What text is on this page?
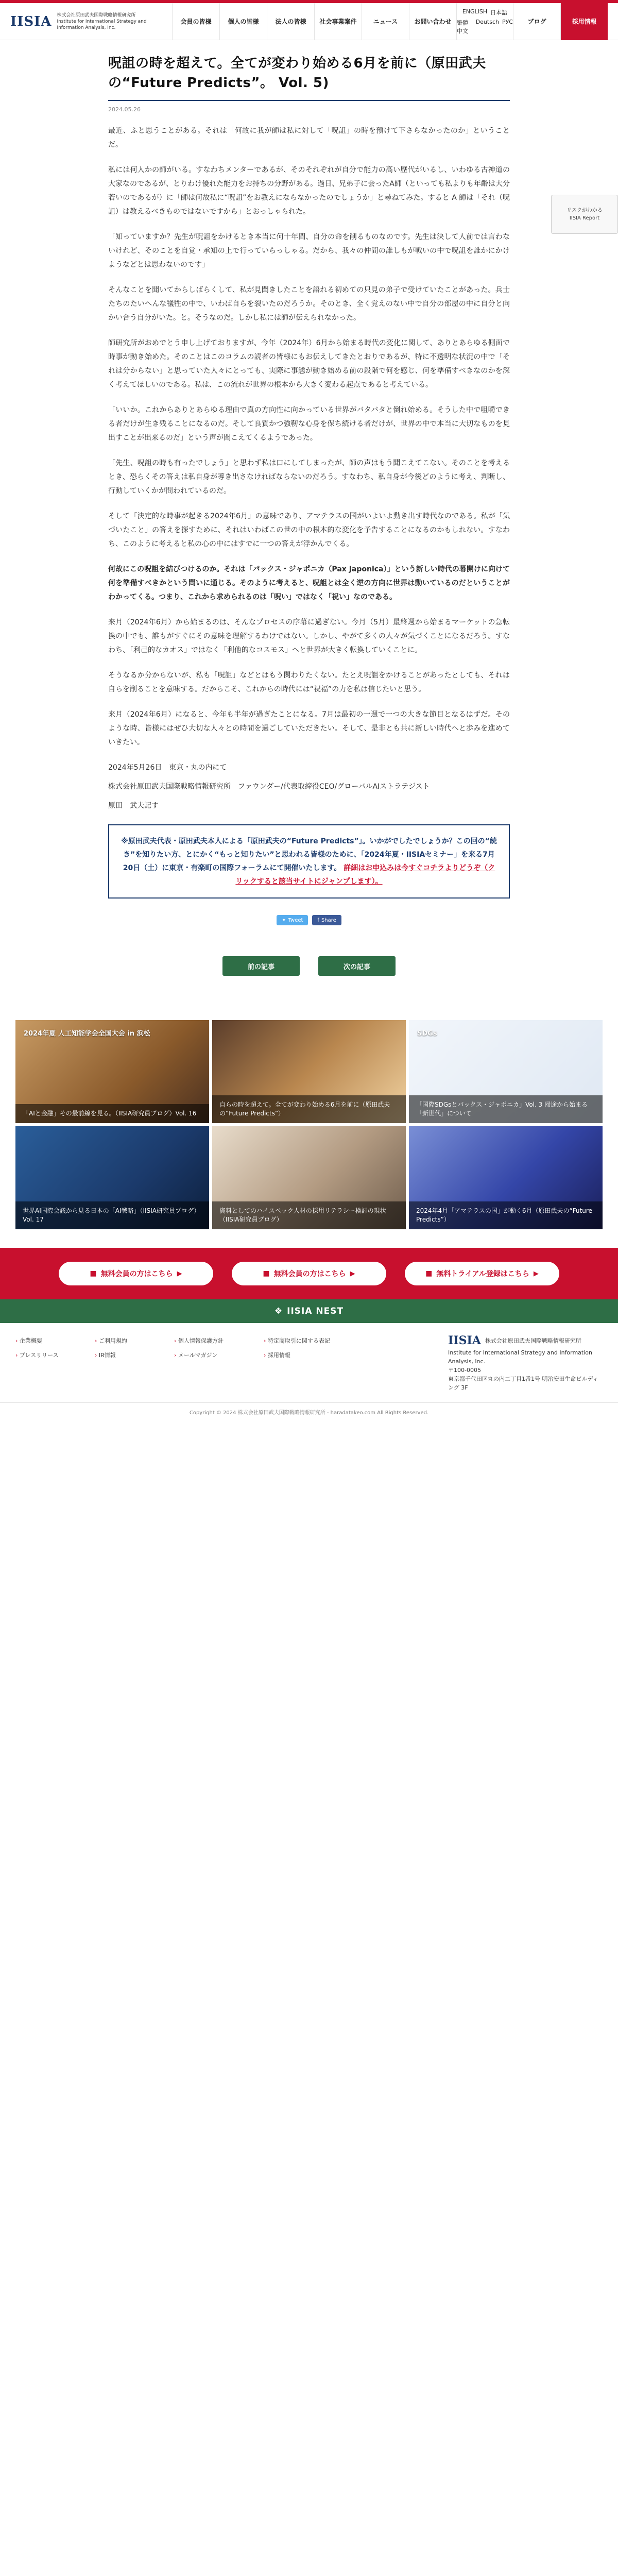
IISIA 株式会社原田武夫国際戦略情報研究所
Institute for International Strategy and Information Analysis, Inc.
会員の皆様	個人の皆様	法人の皆様	社会事業案件	ニュース	お問い合わせ
ENGLISH 日本語
繁體中文
Deutsch РУС	ブログ	採用情報
呪詛の時を超えて。全てが変わり始める6月を前に（原田武夫の“Future Predicts”。 Vol. 5)
2024.05.26
リスクがわかる
IISIA Report

最近、ふと思うことがある。それは「何故に我が師は私に対して「呪詛」の時を預けて下さらなかったのか」ということだ。

私には何人かの師がいる。すなわちメンターであるが、そのそれぞれが自分で能力の高い歴代がいるし、いわゆる古神道の大家なのであるが、とりわけ優れた能力をお持ちの分野がある。過日、兄弟子に会ったA師（といっても私よりも年齢は大分若いのであるが）に「師は何故私に“呪詛”をお教えにならなかったのでしょうか」と尋ねてみた。すると A 師は「それ（呪詛）は教えるべきものではないですから」とおっしゃられた。

「知っていますか？先生が呪詛をかけるとき本当に何十年間、自分の命を削るものなのです。先生は決して人前では言わないけれど、そのことを自覚・承知の上で行っていらっしゃる。だから、我々の仲間の誰しもが戦いの中で呪詛を誰かにかけようなどとは思わないのです」

そんなことを聞いてからしばらくして、私が見聞きしたことを語れる初めての只見の弟子で受けていたことがあった。兵士たちのたいへんな犠牲の中で、いわば自らを裂いたのだろうか。そのとき、全く覚えのない中で自分の部屋の中に自分と向かい合う自分がいた。と。そうなのだ。しかし私には師が伝えられなかった。

師研究所がおめでとう申し上げておりますが、今年（2024年）6月から始まる時代の変化に関して、ありとあらゆる側面で時事が動き始めた。そのことはこのコラムの読者の皆様にもお伝えしてきたとおりであるが、特に不透明な状況の中で「それは分からない」と思っていた人々にとっても、実際に事態が動き始める前の段階で何を感じ、何を準備すべきなのかを深く考えてほしいのである。私は、この流れが世界の根本から大きく変わる起点であると考えている。

「いいか。これからありとあらゆる理由で真の方向性に向かっている世界がバタバタと倒れ始める。そうした中で咀嚼できる者だけが生き残ることになるのだ。そして良質かつ強靭な心身を保ち続ける者だけが、世界の中で本当に大切なものを見出すことが出来るのだ」という声が聞こえてくるようであった。

「先生、呪詛の時も有ったでしょう」と思わず私は口にしてしまったが、師の声はもう聞こえてこない。そのことを考えるとき、恐らくその答えは私自身が導き出さなければならないのだろう。すなわち、私自身が今後どのように考え、判断し、行動していくかが問われているのだ。

そして「決定的な時事が起きる2024年6月」の意味であり、アマテラスの国がいよいよ動き出す時代なのである。私が「気づいたこと」の答えを探すために、それはいわばこの世の中の根本的な変化を予告することになるのかもしれない。すなわち、このように考えると私の心の中にはすでに一つの答えが浮かんでくる。

何故にこの呪詛を結びつけるのか。それは「パックス・ジャポニカ（Pax Japonica）」という新しい時代の幕開けに向けて何を準備すべきかという問いに通じる。そのように考えると、呪詛とは全く逆の方向に世界は動いているのだということがわかってくる。つまり、これから求められるのは「呪い」ではなく「祝い」なのである。

来月（2024年6月）から始まるのは、そんなプロセスの序幕に過ぎない。今月（5月）最終週から始まるマーケットの急転換の中でも、誰もがすぐにその意味を理解するわけではない。しかし、やがて多くの人々が気づくことになるだろう。すなわち、「利己的なカオス」ではなく「利他的なコスモス」へと世界が大きく転換していくことに。

そうなるか分からないが、私も「呪詛」などとはもう関わりたくない。たとえ呪詛をかけることがあったとしても、それは自らを削ることを意味する。だからこそ、これからの時代には“祝福”の力を私は信じたいと思う。

来月（2024年6月）になると、今年も半年が過ぎたことになる。7月は最初の一週で一つの大きな節目となるはずだ。そのような時、皆様にはぜひ大切な人々との時間を過ごしていただきたい。そして、是非とも共に新しい時代へと歩みを進めていきたい。

2024年5月26日　東京・丸の内にて

株式会社原田武夫国際戦略情報研究所　ファウンダー/代表取締役CEO/グローバルAIストラテジスト

原田　武夫記す

※原田武夫代表・原田武夫本人による「原田武夫の“Future Predicts”」。いかがでしたでしょうか？この回の“続き”を知りたい方、とにかく“もっと知りたい”と思われる皆様のために、「2024年夏・IISIAセミナー」を来る7月20日（土）に東京・有楽町の国際フォーラムにて開催いたします。 詳細はお申込みは今すぐコチラよりどうぞ（クリックすると該当サイトにジャンプします）。
✦ Tweet	f Share
前の記事	次の記事
2024年夏 人工知能学会全国大会 in 浜松
「AIと金融」その最前線を見る。（IISIA研究員ブログ）Vol. 16
自らの時を超えて。全てが変わり始める6月を前に（原田武夫の“Future Predicts”）
SDGs
「国際SDGsとパックス・ジャポニカ」Vol. 3 帰途から始まる「新世代」について
世界AI国際会議から見る日本の「AI戦略」（IISIA研究員ブログ）Vol. 17
資料としてのハイスペック人材の採用リテラシー検討の現状（IISIA研究員ブログ）
2024年4月「アマテラスの国」が動く6月（原田武夫の“Future Predicts”）
■ 無料会員の方はこちら ▶	■ 無料会員の方はこちら ▶	■ 無料トライアル登録はこちら ▶
❖ IISIA NEST
› 企業概要	› ご利用規約	› 個人情報保護方針	› 特定商取引に関する表記
› プレスリリース	› IR情報	› メールマガジン	› 採用情報
IISIA 株式会社原田武夫国際戦略情報研究所
Institute for International Strategy and Information Analysis, Inc.
〒100-0005
東京都千代田区丸の内二丁目1番1号 明治安田生命ビルディング 3F
Copyright © 2024 株式会社原田武夫国際戦略情報研究所 - haradatakeo.com All Rights Reserved.
